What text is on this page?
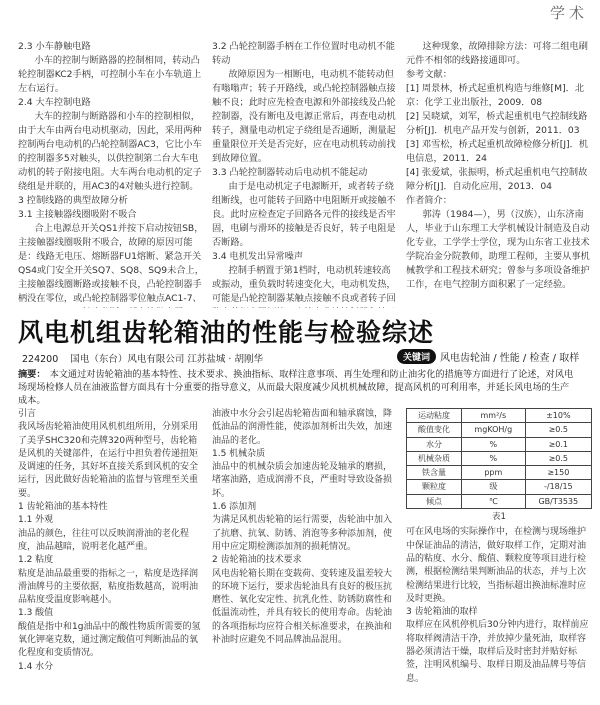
学术

2.3 小车静触电路

小车的控制与断路器的控制相同，转动凸轮控制器KC2手柄，可控制小车在小车轨道上左右运行。

2.4 大车控制电路

大车的控制与断路器和小车的控制相似，由于大车由两台电动机驱动，因此，采用两种控制两台电动机的凸轮控制器AC3，它比小车的控制器多5对触头，以供控制第二台大车电动机的转子附接电阻。大车两台电动机的定子绕组是并联的，用AC3的4对触头进行控制。

3 控制线路的典型故障分析

3.1 主接触器线圈吸附不吸合

合上电源总开关QS1并按下启动按钮SB，主接触器线圈吸附不吸合，故障的原因可能是：线路无电压、熔断器FU1熔断、紧急开关QS4或门安全开关SQ7、SQ8、SQ9未合上，主接触器线圈断路或接触不良，凸轮控制器手柄没在零位，或凸轮控制器零位触点AC1-7、

3.2 凸轮控制器手柄在工作位置时电动机不能转动

故障原因为一相断电，电动机不能转动但有嗡嗡声；转子开路线，或凸轮控制器触点接触不良；此时应先检查电源和外部接线及凸轮控制器，没有断电及电源正常后，再查电动机转子，测量电动机定子绕组是否通断，测量起重量限位开关是否完好，应在电动机转动前找到故障位置。

3.3 凸轮控制器转动后电动机不能起动

由于是电动机定子电源断开，或者转子绕组断线，也可能转子回路中电阻断开或接触不良。此时应检查定子回路各元件的接线是否牢固，电刷与滑环的接触是否良好，转子电阻是否断路。

3.4 电机发出异常噪声

控制手柄置于第1档时，电动机转速较高或振动，重负载时转速变化大，电动机发热，可能是凸轮控制器某触点接触不良或者转子回

这种现象，故障排除方法：可将二组电刷元件不相邻的线路接通即可。

参考文献：

[1] 周景林，桥式起重机构造与维修[M]．北京：化学工业出版社，2009．08

[2] 吴晓斌，刘军，桥式起重机电气控制线路分析[J]．机电产品开发与创新，2011．03

[3] 邓雪松，桥式起重机故障检修分析[J]．机电信息，2011．24

[4] 张爱斌，张振明，桥式起重机电气控制故障分析[J]．自动化应用，2013．04

作者简介：

郭涛（1984—），男（汉族），山东济南人，毕业于山东理工大学机械设计制造及自动化专业，工学学士学位，现为山东省工业技术学院冶金分院教师，助理工程师，主要从事机械教学和工程技术研究；曾参与多项设备维护工作，在电气控制方面积累了一定经验。

风电机组齿轮箱油的性能与检验综述
224200 国电（东台）风电有限公司 江苏盐城 · 胡刚华	关键词	风电齿轮油 / 性能 / 检查 / 取样
摘要： 本文通过对齿轮箱油的基本特性、技术要求、换油指标、取样注意事项、再生处理和防止油劣化的措施等方面进行了论述，对风电场现场检修人员在油液监督方面具有十分重要的指导意义，从而最大限度减少风机机械故障，提高风机的可利用率，并延长风电场的生产成本。

引言

我风场齿轮箱油使用风机机组所用，分别采用了美孚SHC320和壳牌320两种型号，齿轮箱是风机的关键部件，在运行中担负着传递扭矩及调速的任务，其好坏直接关系到风机的安全运行，因此做好齿轮箱油的监督与管理至关重要。

1 齿轮箱油的基本特性

1.1 外观

油品的颜色，往往可以反映润滑油的老化程度，油品越暗，说明老化越严重。

1.2 粘度

粘度是油品最重要的指标之一，粘度是选择润滑油牌号的主要依据，粘度指数越高，说明油品粘度受温度影响越小。

1.3 酸值

酸值是指中和1g油品中的酸性物质所需要的氢氧化钾毫克数，通过测定酸值可判断油品的氧化程度和变质情况。

1.4 水分

油液中水分会引起齿轮箱齿面和轴承腐蚀，降低油品的润滑性能，使添加剂析出失效，加速油品的老化。

1.5 机械杂质

油品中的机械杂质会加速齿轮及轴承的磨损，堵塞油路，造成润滑不良，严重时导致设备损坏。

1.6 添加剂

为满足风机齿轮箱的运行需要，齿轮油中加入了抗磨、抗氧、防锈、消泡等多种添加剂，使用中应定期检测添加剂的损耗情况。

2 齿轮箱油的技术要求

风电齿轮箱长期在变载荷、变转速及温差较大的环境下运行，要求齿轮油具有良好的极压抗磨性、氧化安定性、抗乳化性、防锈防腐性和低温流动性，并具有较长的使用寿命。齿轮油的各项指标均应符合相关标准要求，在换油和补油时应避免不同品牌油品混用。

运动粘度	mm²/s	±10%
酸值变化	mgKOH/g	≥0.5
水分	%	≥0.1
机械杂质	%	≥0.5
铁含量	ppm	≥150
颗粒度	级	-/18/15
倾点	℃	GB/T3535
表1

可在风电场的实际操作中，在检测与现场维护中保证油品的清洁，做好取样工作，定期对油品的粘度、水分、酸值、颗粒度等项目进行检测，根据检测结果判断油品的状态，并与上次检测结果进行比较，当指标超出换油标准时应及时更换。

3 齿轮箱油的取样

取样应在风机停机后30分钟内进行，取样前应将取样阀清洁干净，并放掉少量死油，取样容器必须清洁干燥，取样后及时密封并贴好标签，注明风机编号、取样日期及油品牌号等信息。
